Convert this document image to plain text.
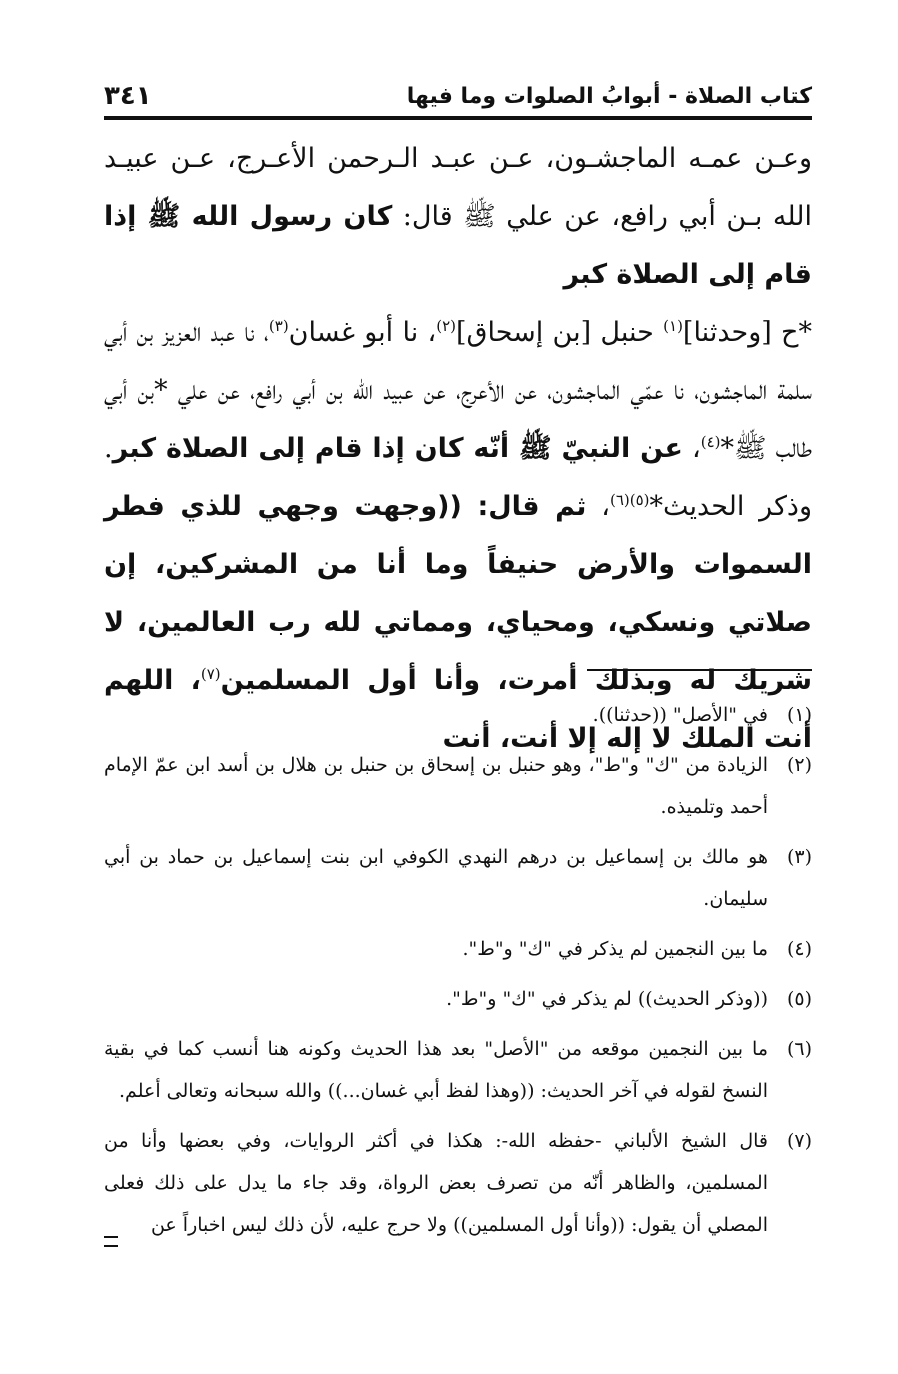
كتاب الصلاة - أبوابُ الصلوات وما فيها
٣٤١

وعـن عمـه الماجشـون، عـن عبـد الـرحمن الأعـرج، عـن عبيـد الله بـن أبي رافع، عن علي ﷺ قال: كان رسول الله ﷺ إذا قام إلى الصلاة كبر

*ح [وحدثنا]$^{(١)}$ حنبل [بن إسحاق]$^{(٢)}$، نا أبو غسان$^{(٣)}$، نا عبد العزيز بن أبي سلمة الماجشون، نا عمّي الماجشون، عن الأعرج، عن عبيد الله بن أبي رافع، عن علي *بن أبي طالب ﷺ*$^{(٤)}$، عن النبيّ ﷺ أنّه كان إذا قام إلى الصلاة كبر. وذكر الحديث*$^{(٥)(٦)}$، ثم قال: ((وجهت وجهي للذي فطر السموات والأرض حنيفاً وما أنا من المشركين، إن صلاتي ونسكي، ومحياي، ومماتي لله رب العالمين، لا شريك له وبذلك أمرت، وأنا أول المسلمين$^{(٧)}$، اللهم أنت الملك لا إله إلا أنت، أنت

(١)
في "الأصل" ((حدثنا)).

(٢)
الزيادة من "ك" و"ط"، وهو حنبل بن إسحاق بن حنبل بن هلال بن أسد ابن عمّ الإمام أحمد وتلميذه.

(٣)
هو مالك بن إسماعيل بن درهم النهدي الكوفي ابن بنت إسماعيل بن حماد بن أبي سليمان.

(٤)
ما بين النجمين لم يذكر في "ك" و"ط".

(٥)
((وذكر الحديث)) لم يذكر في "ك" و"ط".

(٦)
ما بين النجمين موقعه من "الأصل" بعد هذا الحديث وكونه هنا أنسب كما في بقية النسخ لقوله في آخر الحديث: ((وهذا لفظ أبي غسان...)) والله سبحانه وتعالى أعلم.

(٧)
قال الشيخ الألباني -حفظه الله-: هكذا في أكثر الروايات، وفي بعضها وأنا من المسلمين، والظاهر أنّه من تصرف بعض الرواة، وقد جاء ما يدل على ذلك فعلى المصلي أن يقول: ((وأنا أول المسلمين)) ولا حرج عليه، لأن ذلك ليس اخباراً عن
